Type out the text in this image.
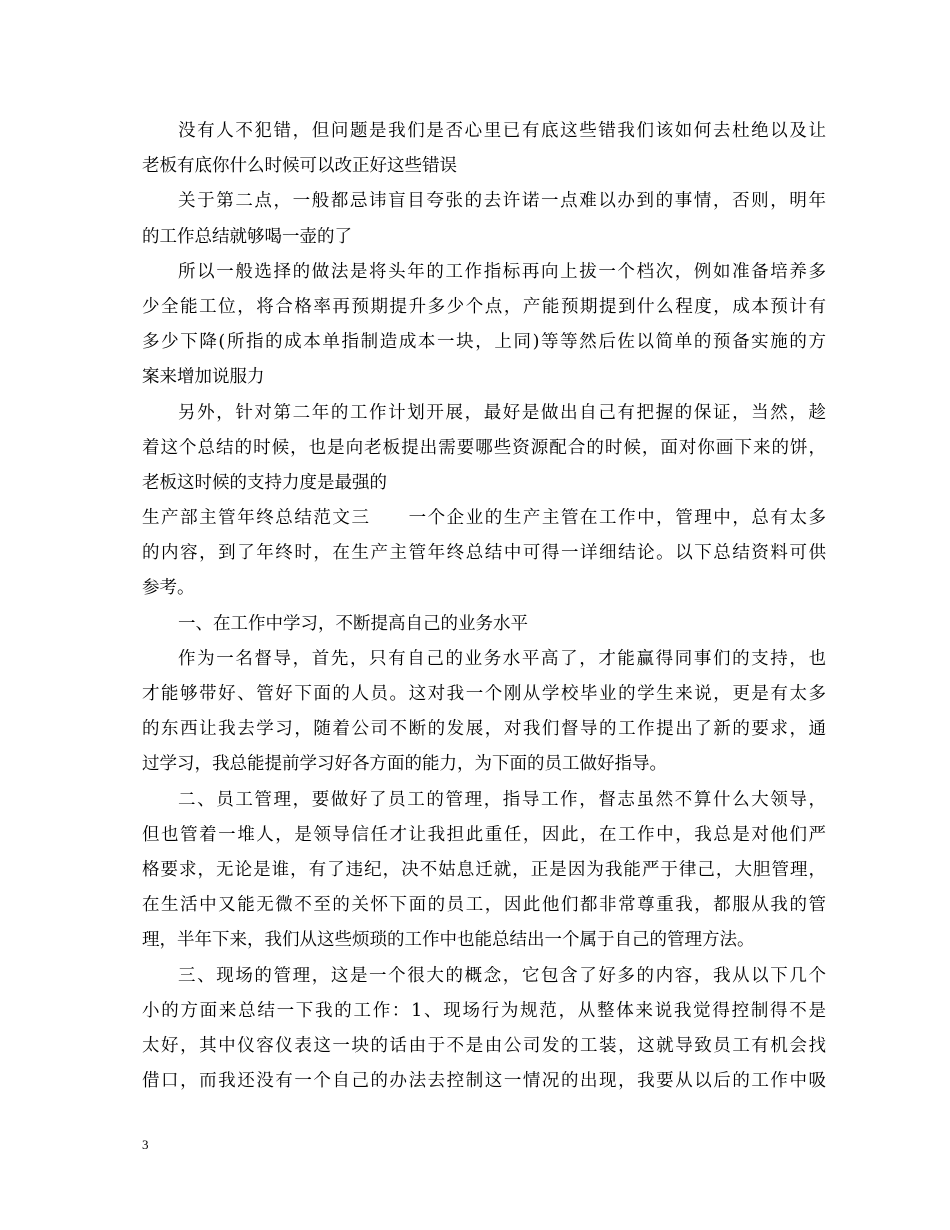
没有人不犯错，但问题是我们是否心里已有底这些错我们该如何去杜绝以及让
老板有底你什么时候可以改正好这些错误
关于第二点，一般都忌讳盲目夸张的去许诺一点难以办到的事情，否则，明年
的工作总结就够喝一壶的了
所以一般选择的做法是将头年的工作指标再向上拔一个档次，例如准备培养多
少全能工位，将合格率再预期提升多少个点，产能预期提到什么程度，成本预计有
多少下降(所指的成本单指制造成本一块，上同)等等然后佐以简单的预备实施的方
案来增加说服力
另外，针对第二年的工作计划开展，最好是做出自己有把握的保证，当然，趁
着这个总结的时候，也是向老板提出需要哪些资源配合的时候，面对你画下来的饼，
老板这时候的支持力度是最强的
生产部主管年终总结范文三　　一个企业的生产主管在工作中，管理中，总有太多
的内容，到了年终时，在生产主管年终总结中可得一详细结论。以下总结资料可供
参考。
一、在工作中学习，不断提高自己的业务水平
作为一名督导，首先，只有自己的业务水平高了，才能赢得同事们的支持，也
才能够带好、管好下面的人员。这对我一个刚从学校毕业的学生来说，更是有太多
的东西让我去学习，随着公司不断的发展，对我们督导的工作提出了新的要求，通
过学习，我总能提前学习好各方面的能力，为下面的员工做好指导。
二、员工管理，要做好了员工的管理，指导工作，督志虽然不算什么大领导，
但也管着一堆人，是领导信任才让我担此重任，因此，在工作中，我总是对他们严
格要求，无论是谁，有了违纪，决不姑息迁就，正是因为我能严于律己，大胆管理，
在生活中又能无微不至的关怀下面的员工，因此他们都非常尊重我，都服从我的管
理，半年下来，我们从这些烦琐的工作中也能总结出一个属于自己的管理方法。
三、现场的管理，这是一个很大的概念，它包含了好多的内容，我从以下几个
小的方面来总结一下我的工作：1、现场行为规范，从整体来说我觉得控制得不是
太好，其中仪容仪表这一块的话由于不是由公司发的工装，这就导致员工有机会找
借口，而我还没有一个自己的办法去控制这一情况的出现，我要从以后的工作中吸
3
